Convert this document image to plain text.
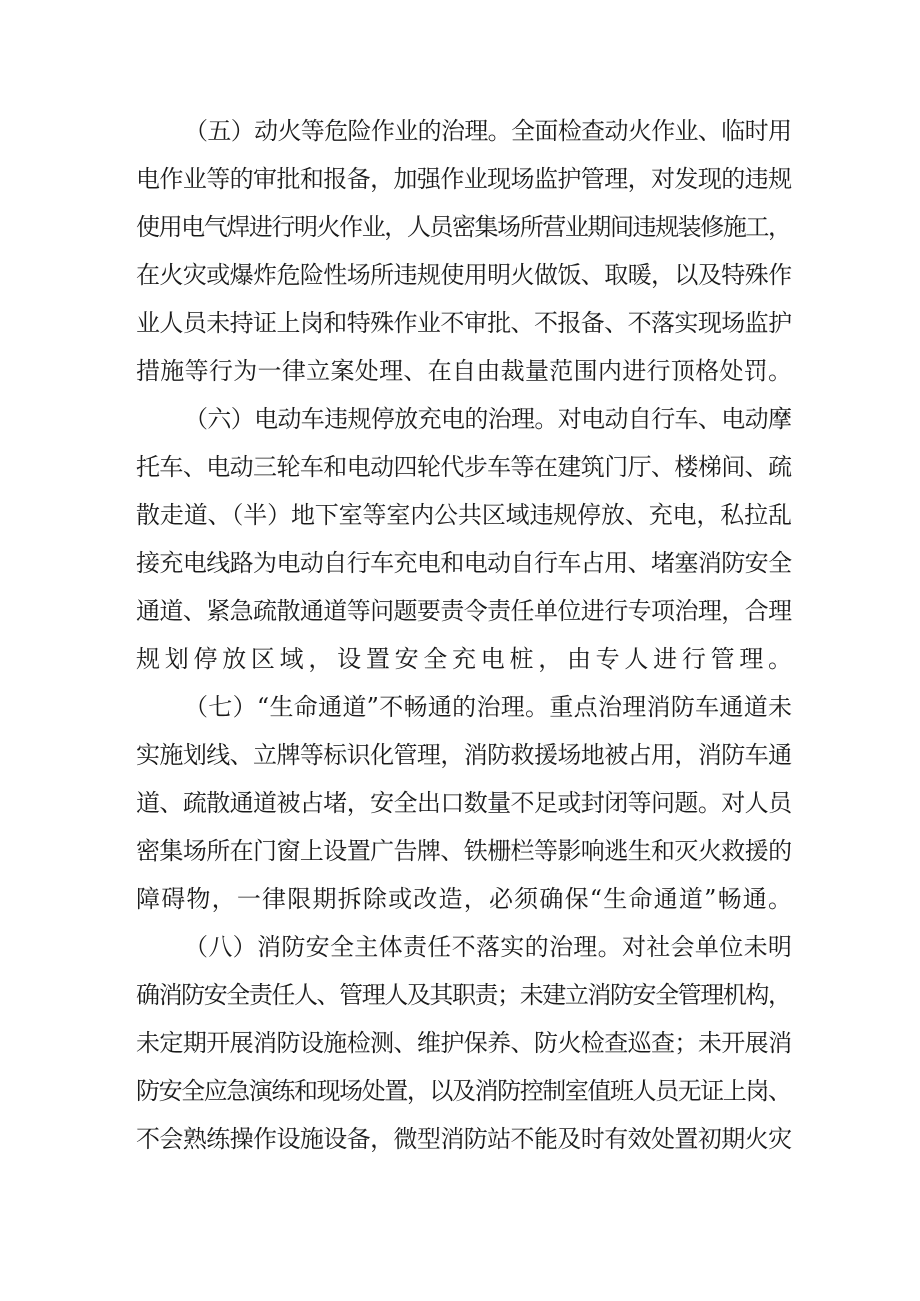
（五）动火等危险作业的治理。全面检查动火作业、临时用
电作业等的审批和报备，加强作业现场监护管理，对发现的违规
使用电气焊进行明火作业，人员密集场所营业期间违规装修施工，
在火灾或爆炸危险性场所违规使用明火做饭、取暖，以及特殊作
业人员未持证上岗和特殊作业不审批、不报备、不落实现场监护
措施等行为一律立案处理、在自由裁量范围内进行顶格处罚。
（六）电动车违规停放充电的治理。对电动自行车、电动摩
托车、电动三轮车和电动四轮代步车等在建筑门厅、楼梯间、疏
散走道、（半）地下室等室内公共区域违规停放、充电，私拉乱
接充电线路为电动自行车充电和电动自行车占用、堵塞消防安全
通道、紧急疏散通道等问题要责令责任单位进行专项治理，合理
规划停放区域，设置安全充电桩，由专人进行管理。
（七）“生命通道”不畅通的治理。重点治理消防车通道未
实施划线、立牌等标识化管理，消防救援场地被占用，消防车通
道、疏散通道被占堵，安全出口数量不足或封闭等问题。对人员
密集场所在门窗上设置广告牌、铁栅栏等影响逃生和灭火救援的
障碍物，一律限期拆除或改造，必须确保“生命通道”畅通。
（八）消防安全主体责任不落实的治理。对社会单位未明
确消防安全责任人、管理人及其职责；未建立消防安全管理机构，
未定期开展消防设施检测、维护保养、防火检查巡查；未开展消
防安全应急演练和现场处置，以及消防控制室值班人员无证上岗、
不会熟练操作设施设备，微型消防站不能及时有效处置初期火灾
